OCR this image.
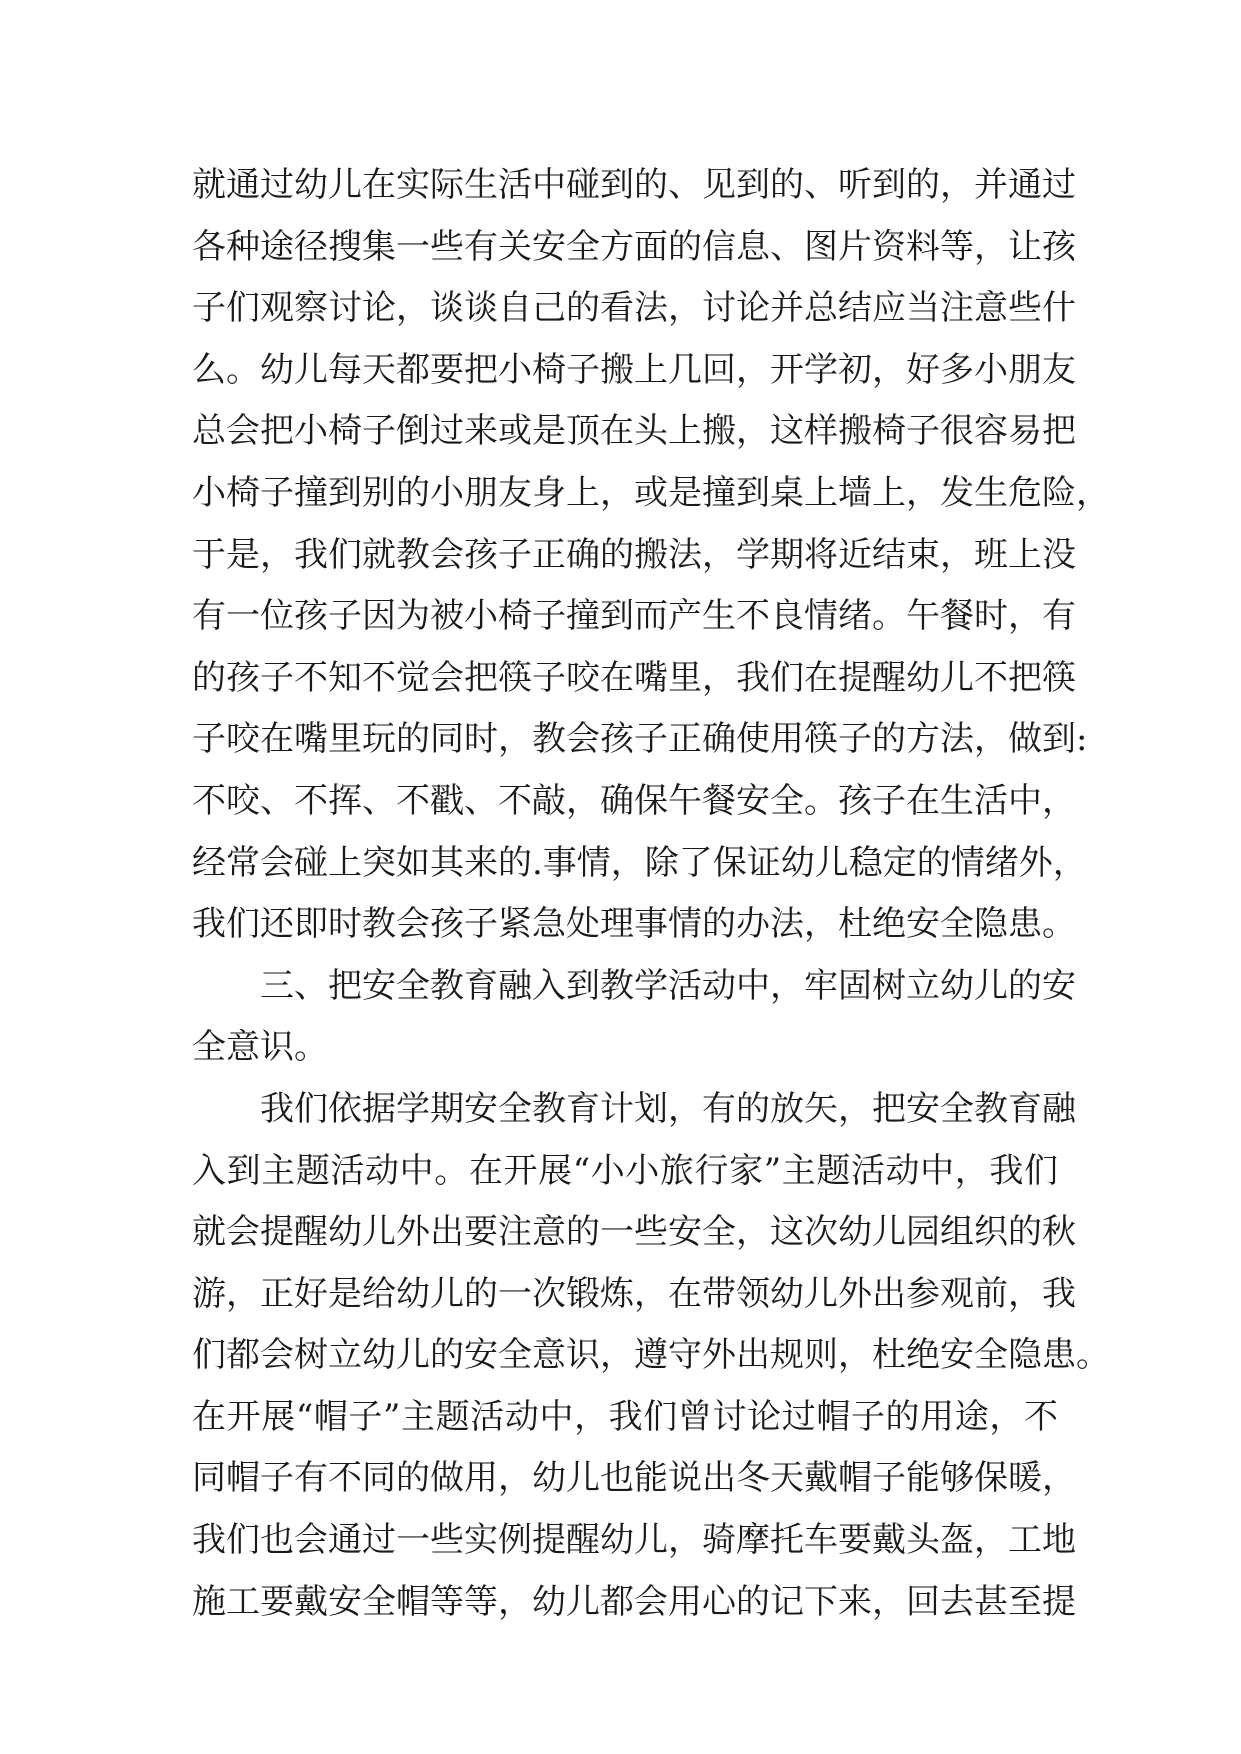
就通过幼儿在实际生活中碰到的、见到的、听到的，并通过
各种途径搜集一些有关安全方面的信息、图片资料等，让孩
子们观察讨论，谈谈自己的看法，讨论并总结应当注意些什
么。幼儿每天都要把小椅子搬上几回，开学初，好多小朋友
总会把小椅子倒过来或是顶在头上搬，这样搬椅子很容易把
小椅子撞到别的小朋友身上，或是撞到桌上墙上，发生危险，
于是，我们就教会孩子正确的搬法，学期将近结束，班上没
有一位孩子因为被小椅子撞到而产生不良情绪。午餐时，有
的孩子不知不觉会把筷子咬在嘴里，我们在提醒幼儿不把筷
子咬在嘴里玩的同时，教会孩子正确使用筷子的方法，做到:
不咬、不挥、不戳、不敲，确保午餐安全。孩子在生活中，
经常会碰上突如其来的.事情，除了保证幼儿稳定的情绪外，
我们还即时教会孩子紧急处理事情的办法，杜绝安全隐患。
三、把安全教育融入到教学活动中，牢固树立幼儿的安
全意识。
我们依据学期安全教育计划，有的放矢，把安全教育融
入到主题活动中。在开展“小小旅行家”主题活动中，我们
就会提醒幼儿外出要注意的一些安全，这次幼儿园组织的秋
游，正好是给幼儿的一次锻炼，在带领幼儿外出参观前，我
们都会树立幼儿的安全意识，遵守外出规则，杜绝安全隐患。
在开展“帽子”主题活动中，我们曾讨论过帽子的用途，不
同帽子有不同的做用，幼儿也能说出冬天戴帽子能够保暖，
我们也会通过一些实例提醒幼儿，骑摩托车要戴头盔，工地
施工要戴安全帽等等，幼儿都会用心的记下来，回去甚至提
